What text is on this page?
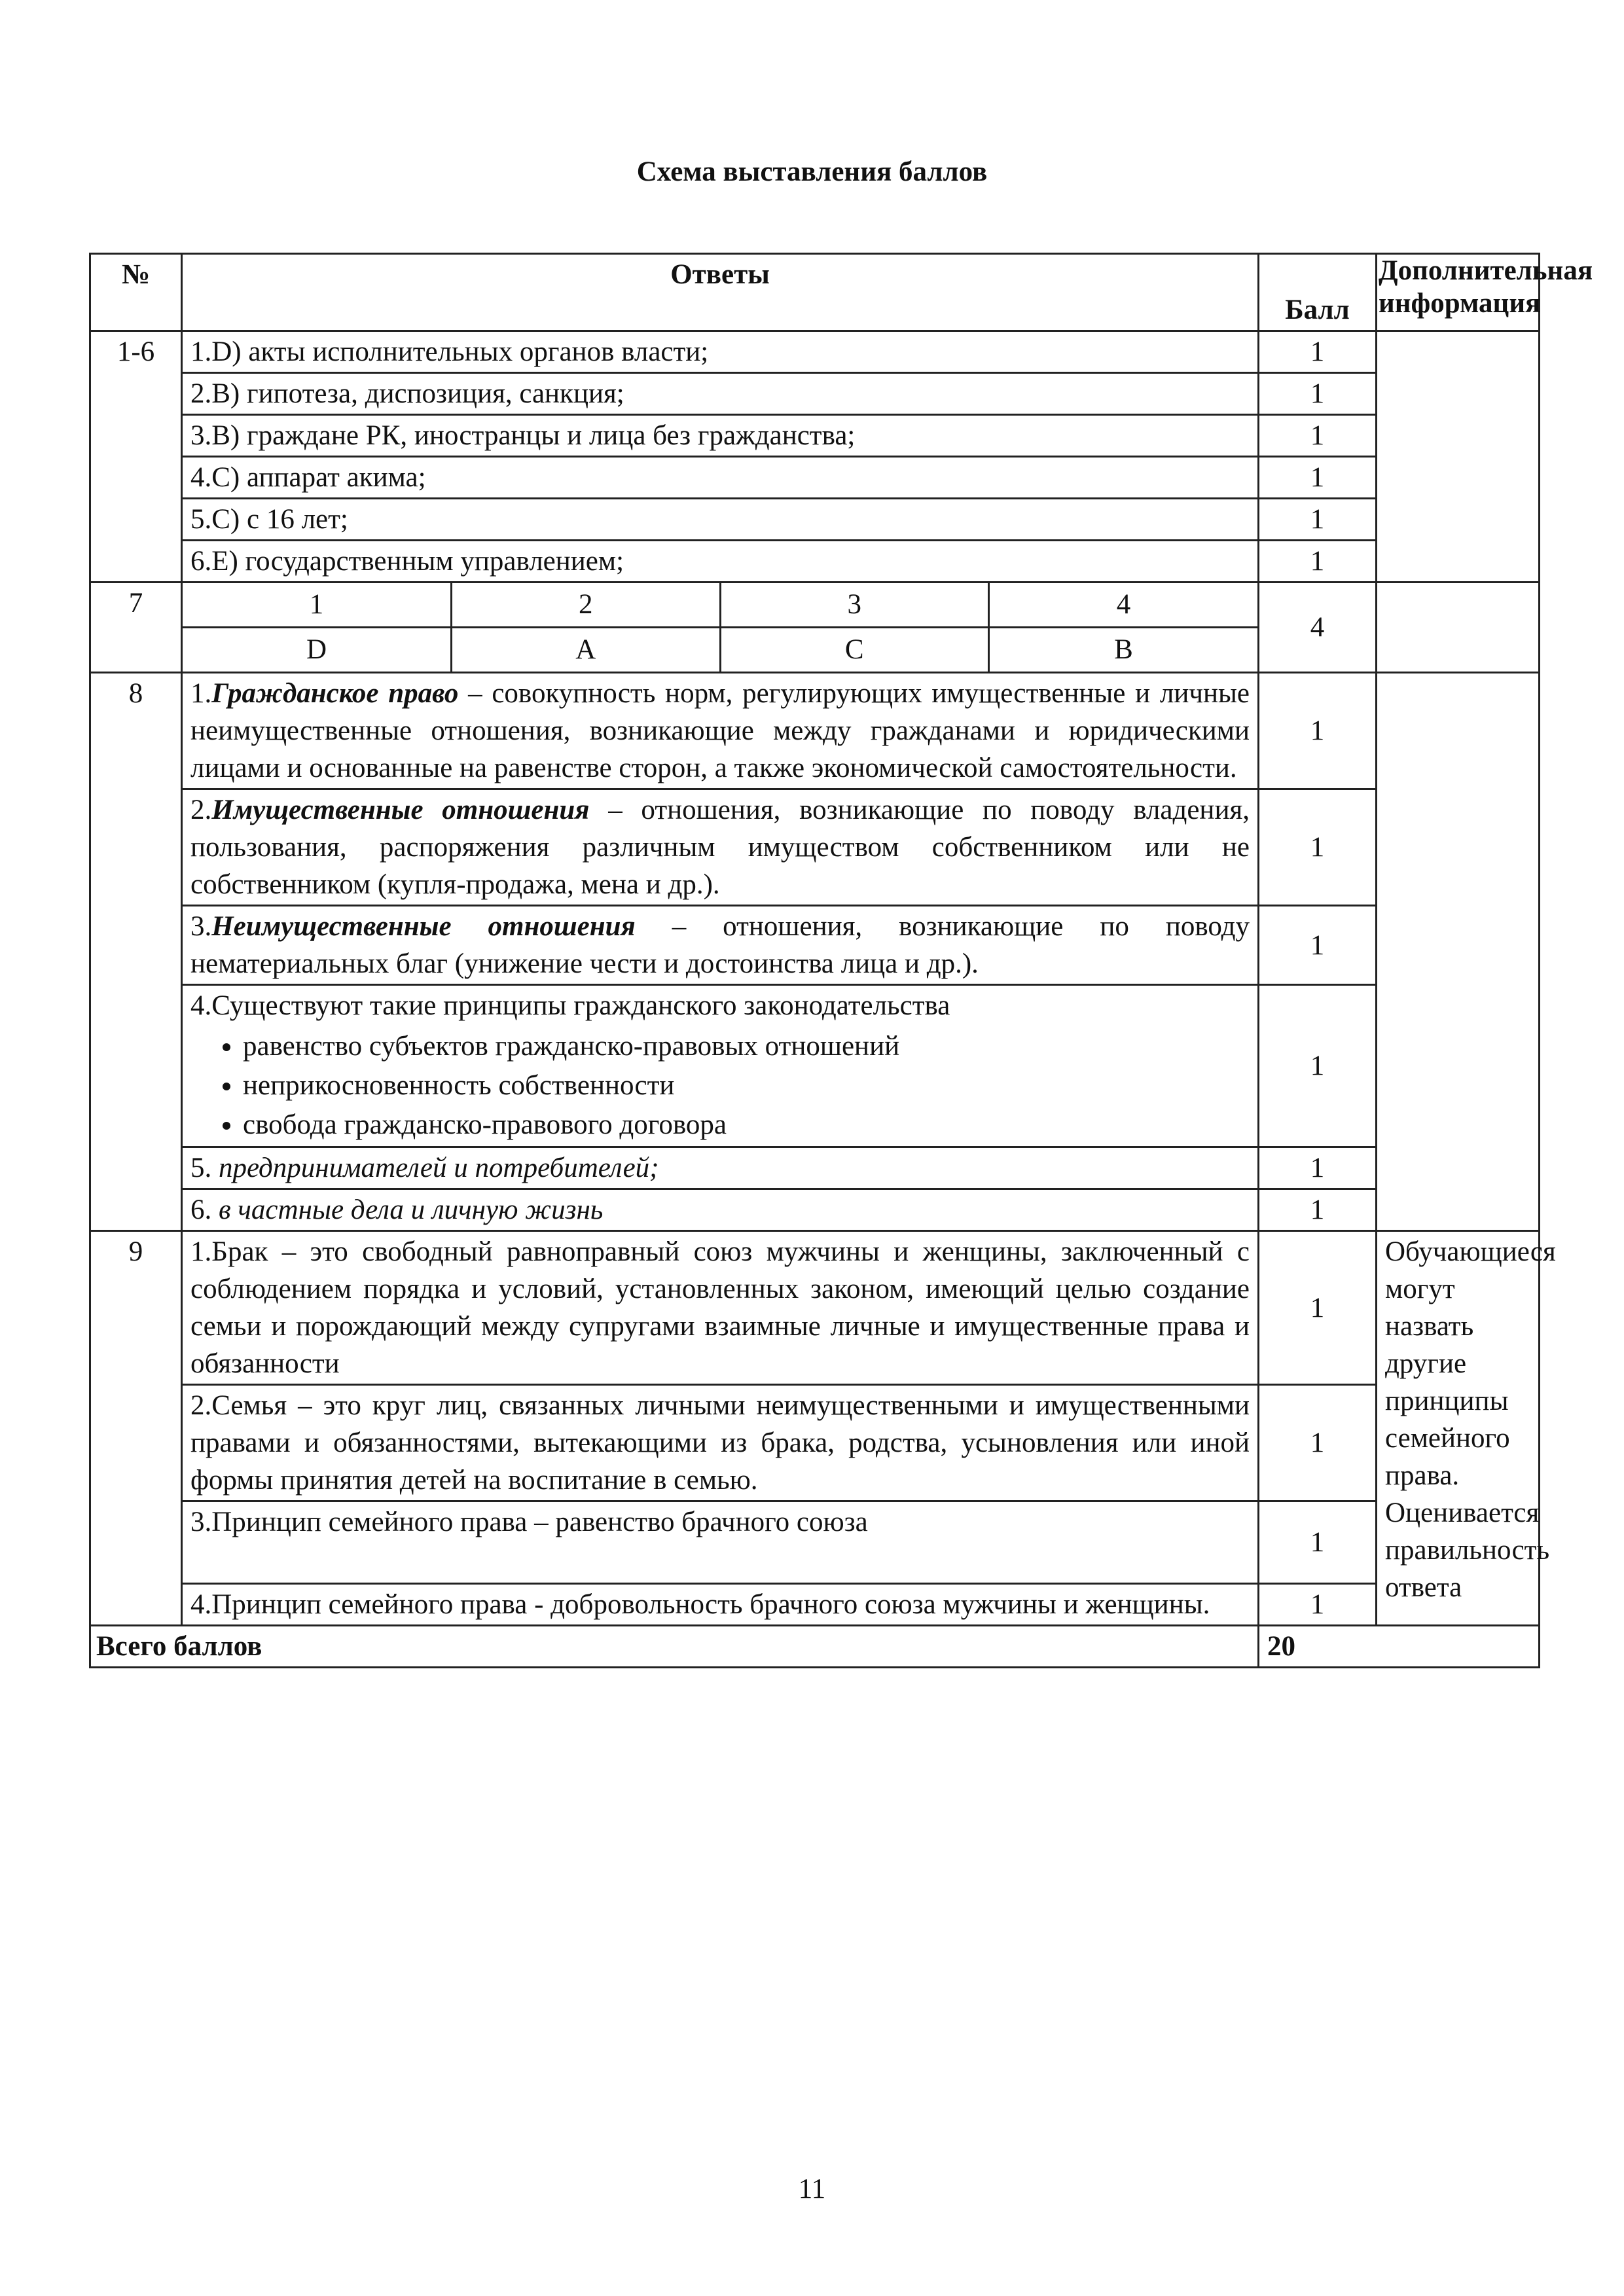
Схема выставления баллов
№	Ответы	Балл	Дополнительная информация
1-6	1.D) акты исполнительных органов власти;	1	
2.В) гипотеза, диспозиция, санкция;	1
3.В) граждане РК, иностранцы и лица без гражданства;	1
4.С) аппарат акима;	1
5.С) с 16 лет;	1
6.Е) государственным управлением;	1
7		1	2	3	4
D	A	C	B
	4	
8	1.Гражданское право – совокупность норм, регулирующих имущественные и личные неимущественные отношения, возникающие между гражданами и юридическими лицами и основанные на равенстве сторон, а также экономической самостоятельности.	1	
2.Имущественные отношения – отношения, возникающие по поводу владения, пользования, распоряжения различным имуществом собственником или не собственником (купля-продажа, мена и др.).	1
3.Неимущественные отношения – отношения, возникающие по поводу нематериальных благ (унижение чести и достоинства лица и др.).	1

4.Существуют такие принципы гражданского законодательства
• равенство субъектов гражданско-правовых отношений
• неприкосновенность собственности
• свобода гражданско-правового договора
	1
5. предпринимателей и потребителей;	1
6. в частные дела и личную жизнь	1
9	1.Брак – это свободный равноправный союз мужчины и женщины, заключенный с соблюдением порядка и условий, установленных законом, имеющий целью создание семьи и порождающий между супругами взаимные личные и имущественные права и обязанности	1	Обучающиеся могут назвать другие принципы семейного права. Оценивается правильность ответа
2.Семья – это круг лиц, связанных личными неимущественными и имущественными правами и обязанностями, вытекающими из брака, родства, усыновления или иной формы принятия детей на воспитание в семью.	1
3.Принцип семейного права – равенство брачного союза	1
4.Принцип семейного права - добровольность брачного союза мужчины и женщины.	1
Всего баллов	20
11
